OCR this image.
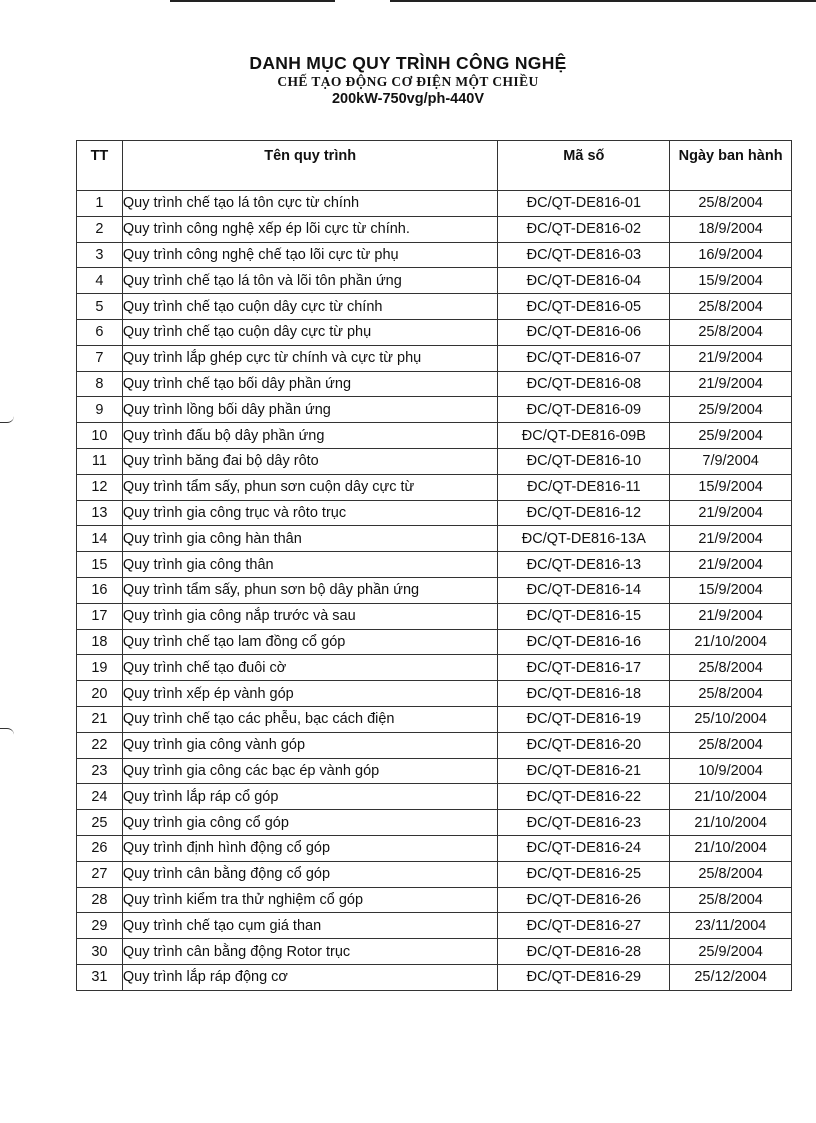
DANH MỤC QUY TRÌNH CÔNG NGHỆ
CHẾ TẠO ĐỘNG CƠ ĐIỆN MỘT CHIỀU
200kW-750vg/ph-440V
TT	Tên quy trình	Mã số	Ngày ban hành
1	Quy trình chế tạo lá tôn cực từ chính	ĐC/QT-DE816-01	25/8/2004
2	Quy trình công nghệ xếp ép lõi cực từ chính.	ĐC/QT-DE816-02	18/9/2004
3	Quy trình công nghệ chế tạo lõi cực từ phụ	ĐC/QT-DE816-03	16/9/2004
4	Quy trình chế tạo lá tôn và lõi tôn phần ứng	ĐC/QT-DE816-04	15/9/2004
5	Quy trình chế tạo cuộn dây cực từ chính	ĐC/QT-DE816-05	25/8/2004
6	Quy trình chế tạo cuộn dây cực từ phụ	ĐC/QT-DE816-06	25/8/2004
7	Quy trình lắp ghép cực từ chính và cực từ phụ	ĐC/QT-DE816-07	21/9/2004
8	Quy trình chế tạo bối dây phần ứng	ĐC/QT-DE816-08	21/9/2004
9	Quy trình lồng bối dây phần ứng	ĐC/QT-DE816-09	25/9/2004
10	Quy trình đấu bộ dây phần ứng	ĐC/QT-DE816-09B	25/9/2004
11	Quy trình băng đai bộ dây rôto	ĐC/QT-DE816-10	7/9/2004
12	Quy trình tẩm sấy, phun sơn cuộn dây cực từ	ĐC/QT-DE816-11	15/9/2004
13	Quy trình gia công trục và rôto trục	ĐC/QT-DE816-12	21/9/2004
14	Quy trình gia công hàn thân	ĐC/QT-DE816-13A	21/9/2004
15	Quy trình gia công thân	ĐC/QT-DE816-13	21/9/2004
16	Quy trình tẩm sấy, phun sơn bộ dây phần ứng	ĐC/QT-DE816-14	15/9/2004
17	Quy trình gia công nắp trước và sau	ĐC/QT-DE816-15	21/9/2004
18	Quy trình chế tạo lam đồng cổ góp	ĐC/QT-DE816-16	21/10/2004
19	Quy trình chế tạo đuôi cờ	ĐC/QT-DE816-17	25/8/2004
20	Quy trình xếp ép vành góp	ĐC/QT-DE816-18	25/8/2004
21	Quy trình chế tạo các phễu, bạc cách điện	ĐC/QT-DE816-19	25/10/2004
22	Quy trình gia công vành góp	ĐC/QT-DE816-20	25/8/2004
23	Quy trình gia công các bạc ép vành góp	ĐC/QT-DE816-21	10/9/2004
24	Quy trình lắp ráp cổ góp	ĐC/QT-DE816-22	21/10/2004
25	Quy trình gia công cổ góp	ĐC/QT-DE816-23	21/10/2004
26	Quy trình định hình động cổ góp	ĐC/QT-DE816-24	21/10/2004
27	Quy trình cân bằng động cổ góp	ĐC/QT-DE816-25	25/8/2004
28	Quy trình kiểm tra thử nghiệm cổ góp	ĐC/QT-DE816-26	25/8/2004
29	Quy trình chế tạo cụm giá than	ĐC/QT-DE816-27	23/11/2004
30	Quy trình cân bằng động Rotor trục	ĐC/QT-DE816-28	25/9/2004
31	Quy trình lắp ráp động cơ	ĐC/QT-DE816-29	25/12/2004
